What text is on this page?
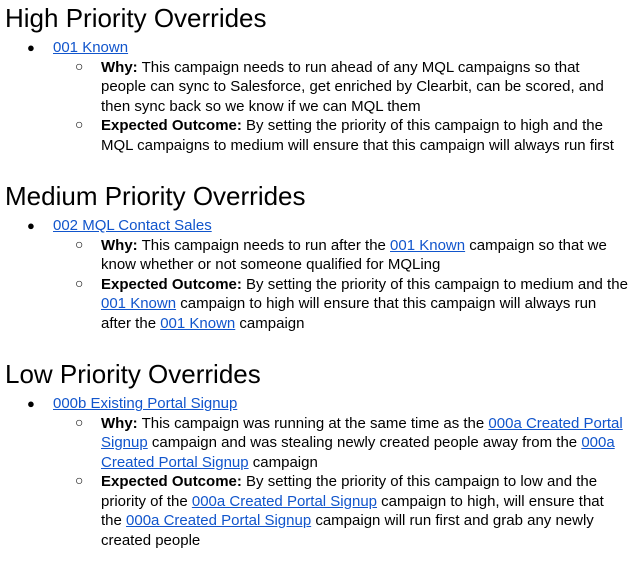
High Priority Overrides
● 001 Known
○ Why: This campaign needs to run ahead of any MQL campaigns so that people can sync to Salesforce, get enriched by Clearbit, can be scored, and then sync back so we know if we can MQL them
○ Expected Outcome: By setting the priority of this campaign to high and the MQL campaigns to medium will ensure that this campaign will always run first
Medium Priority Overrides
● 002 MQL Contact Sales
○ Why: This campaign needs to run after the 001 Known campaign so that we know whether or not someone qualified for MQLing
○ Expected Outcome: By setting the priority of this campaign to medium and the 001 Known campaign to high will ensure that this campaign will always run after the 001 Known campaign
Low Priority Overrides
● 000b Existing Portal Signup
○ Why: This campaign was running at the same time as the 000a Created Portal Signup campaign and was stealing newly created people away from the 000a Created Portal Signup campaign
○ Expected Outcome: By setting the priority of this campaign to low and the priority of the 000a Created Portal Signup campaign to high, will ensure that the 000a Created Portal Signup campaign will run first and grab any newly created people
